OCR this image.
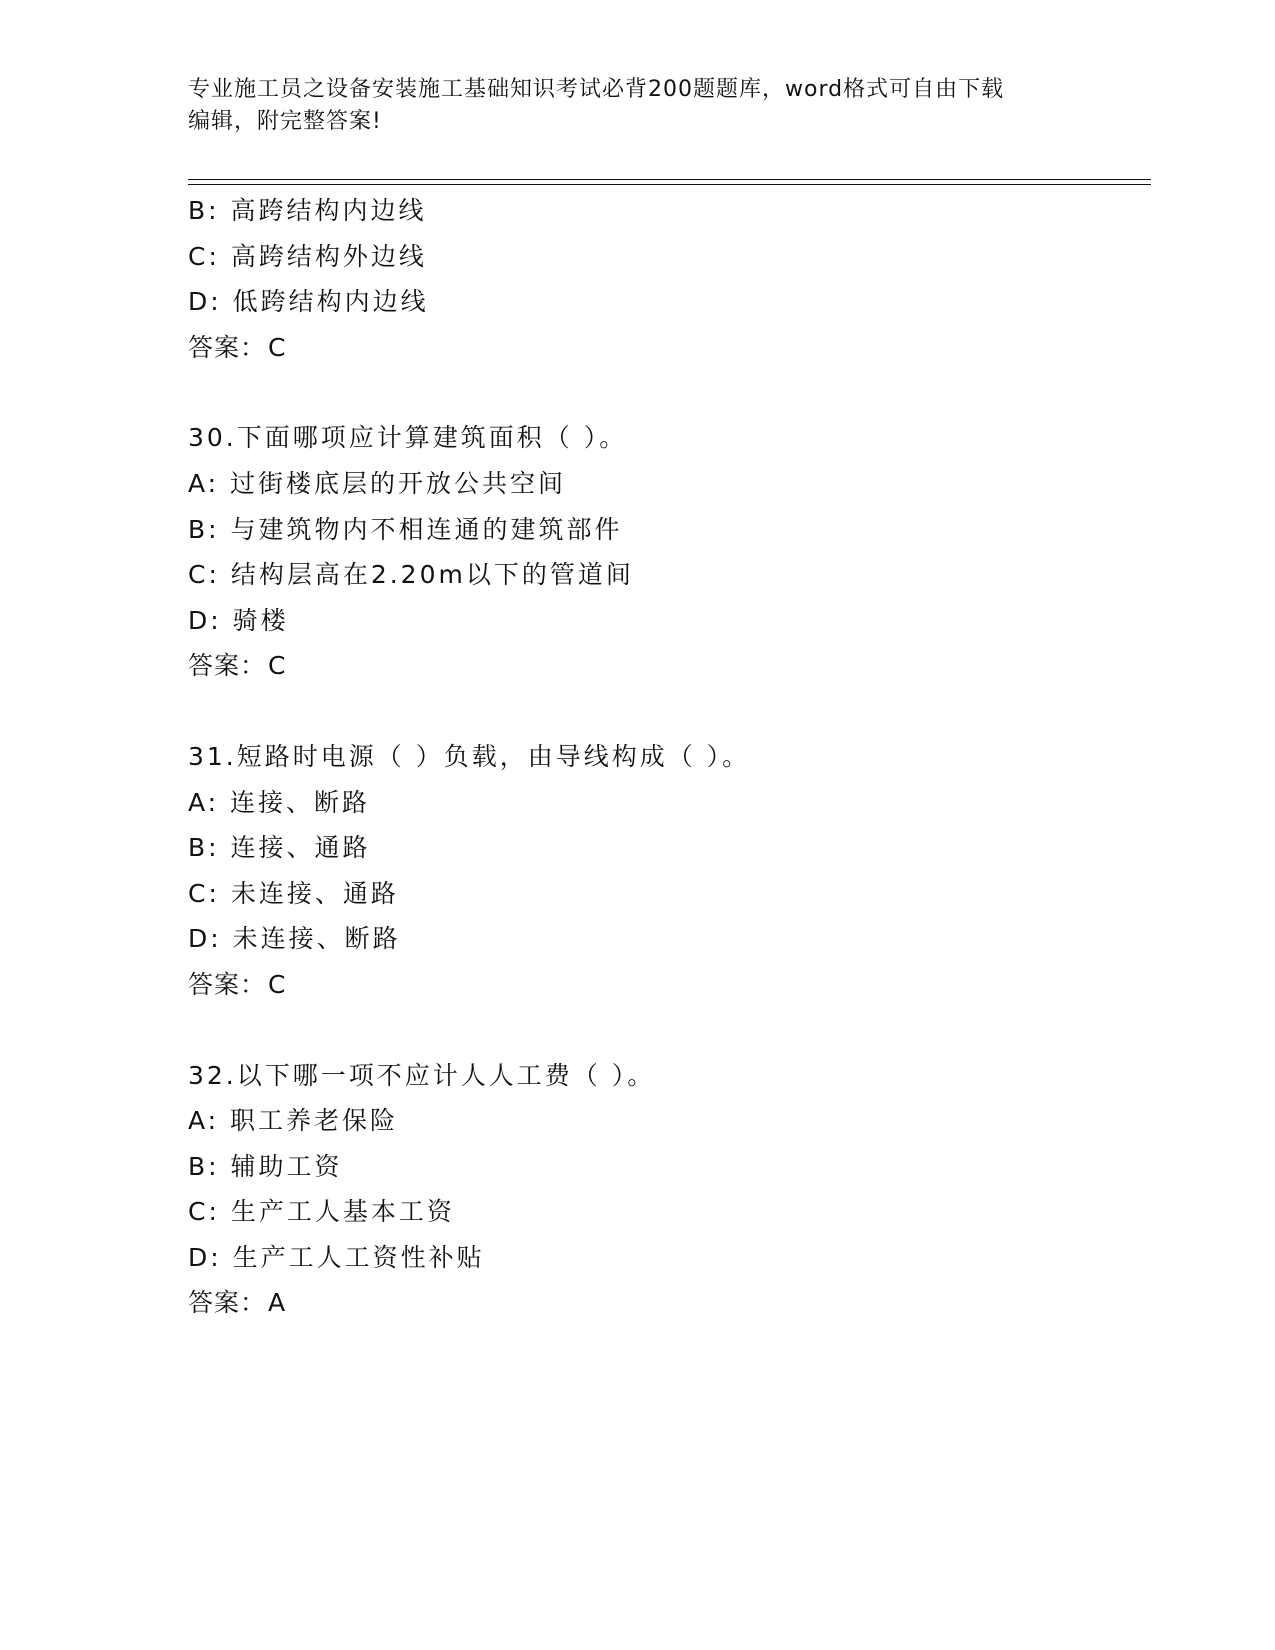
专业施工员之设备安装施工基础知识考试必背200题题库，word格式可自由下载
编辑，附完整答案!
B: 高跨结构内边线
C: 高跨结构外边线
D: 低跨结构内边线
答案：C
30.下面哪项应计算建筑面积（ ）。
A: 过街楼底层的开放公共空间
B: 与建筑物内不相连通的建筑部件
C: 结构层高在2.20m以下的管道间
D: 骑楼
答案：C
31.短路时电源（ ）负载，由导线构成（ ）。
A: 连接、断路
B: 连接、通路
C: 未连接、通路
D: 未连接、断路
答案：C
32.以下哪一项不应计人人工费（ ）。
A: 职工养老保险
B: 辅助工资
C: 生产工人基本工资
D: 生产工人工资性补贴
答案：A
